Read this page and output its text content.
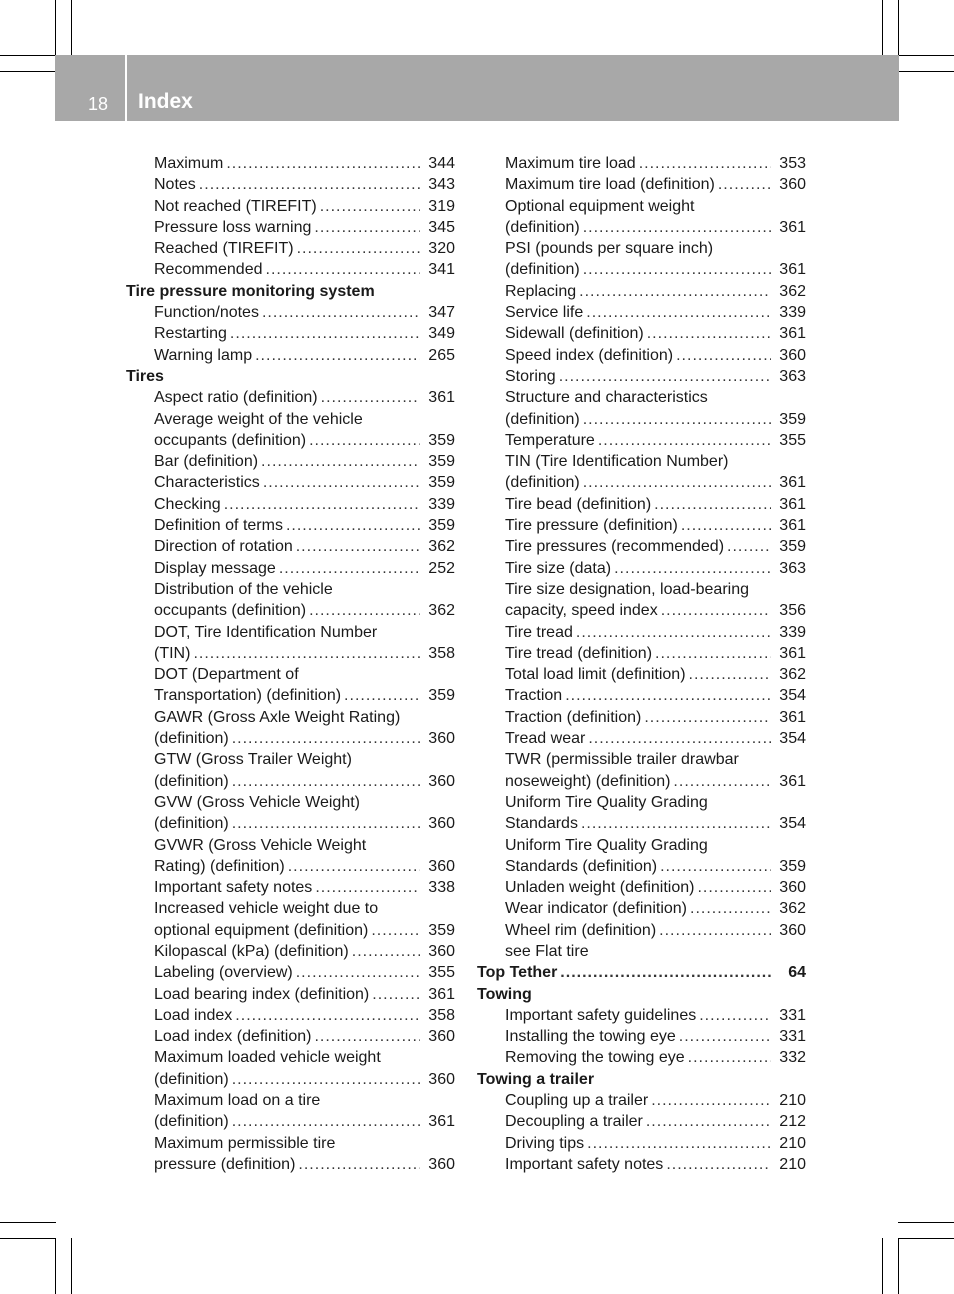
18 Index
Maximum .....	344
Notes .....	343
Not reached (TIREFIT) .....	319
Pressure loss warning .....	345
Reached (TIREFIT) .....	320
Recommended .....	341
Tire pressure monitoring system
Function/notes .....	347
Restarting .....	349
Warning lamp .....	265
Tires
Aspect ratio (definition) .....	361
Average weight of the vehicle
occupants (definition) .....	359
Bar (definition) .....	359
Characteristics .....	359
Checking .....	339
Definition of terms .....	359
Direction of rotation .....	362
Display message .....	252
Distribution of the vehicle
occupants (definition) .....	362
DOT, Tire Identification Number
(TIN) .....	358
DOT (Department of
Transportation) (definition) .....	359
GAWR (Gross Axle Weight Rating)
(definition) .....	360
GTW (Gross Trailer Weight)
(definition) .....	360
GVW (Gross Vehicle Weight)
(definition) .....	360
GVWR (Gross Vehicle Weight
Rating) (definition) .....	360
Important safety notes .....	338
Increased vehicle weight due to
optional equipment (definition) .....	359
Kilopascal (kPa) (definition) .....	360
Labeling (overview) .....	355
Load bearing index (definition) .....	361
Load index .....	358
Load index (definition) .....	360
Maximum loaded vehicle weight
(definition) .....	360
Maximum load on a tire
(definition) .....	361
Maximum permissible tire
pressure (definition) .....	360
Maximum tire load .....	353
Maximum tire load (definition) .....	360
Optional equipment weight
(definition) .....	361
PSI (pounds per square inch)
(definition) .....	361
Replacing .....	362
Service life .....	339
Sidewall (definition) .....	361
Speed index (definition) .....	360
Storing .....	363
Structure and characteristics
(definition) .....	359
Temperature .....	355
TIN (Tire Identification Number)
(definition) .....	361
Tire bead (definition) .....	361
Tire pressure (definition) .....	361
Tire pressures (recommended) .....	359
Tire size (data) .....	363
Tire size designation, load-bearing
capacity, speed index .....	356
Tire tread .....	339
Tire tread (definition) .....	361
Total load limit (definition) .....	362
Traction .....	354
Traction (definition) .....	361
Tread wear .....	354
TWR (permissible trailer drawbar
noseweight) (definition) .....	361
Uniform Tire Quality Grading
Standards .....	354
Uniform Tire Quality Grading
Standards (definition) .....	359
Unladen weight (definition) .....	360
Wear indicator (definition) .....	362
Wheel rim (definition) .....	360
see Flat tire
Top Tether .....	64
Towing
Important safety guidelines .....	331
Installing the towing eye .....	331
Removing the towing eye .....	332
Towing a trailer
Coupling up a trailer .....	210
Decoupling a trailer .....	212
Driving tips .....	210
Important safety notes .....	210
